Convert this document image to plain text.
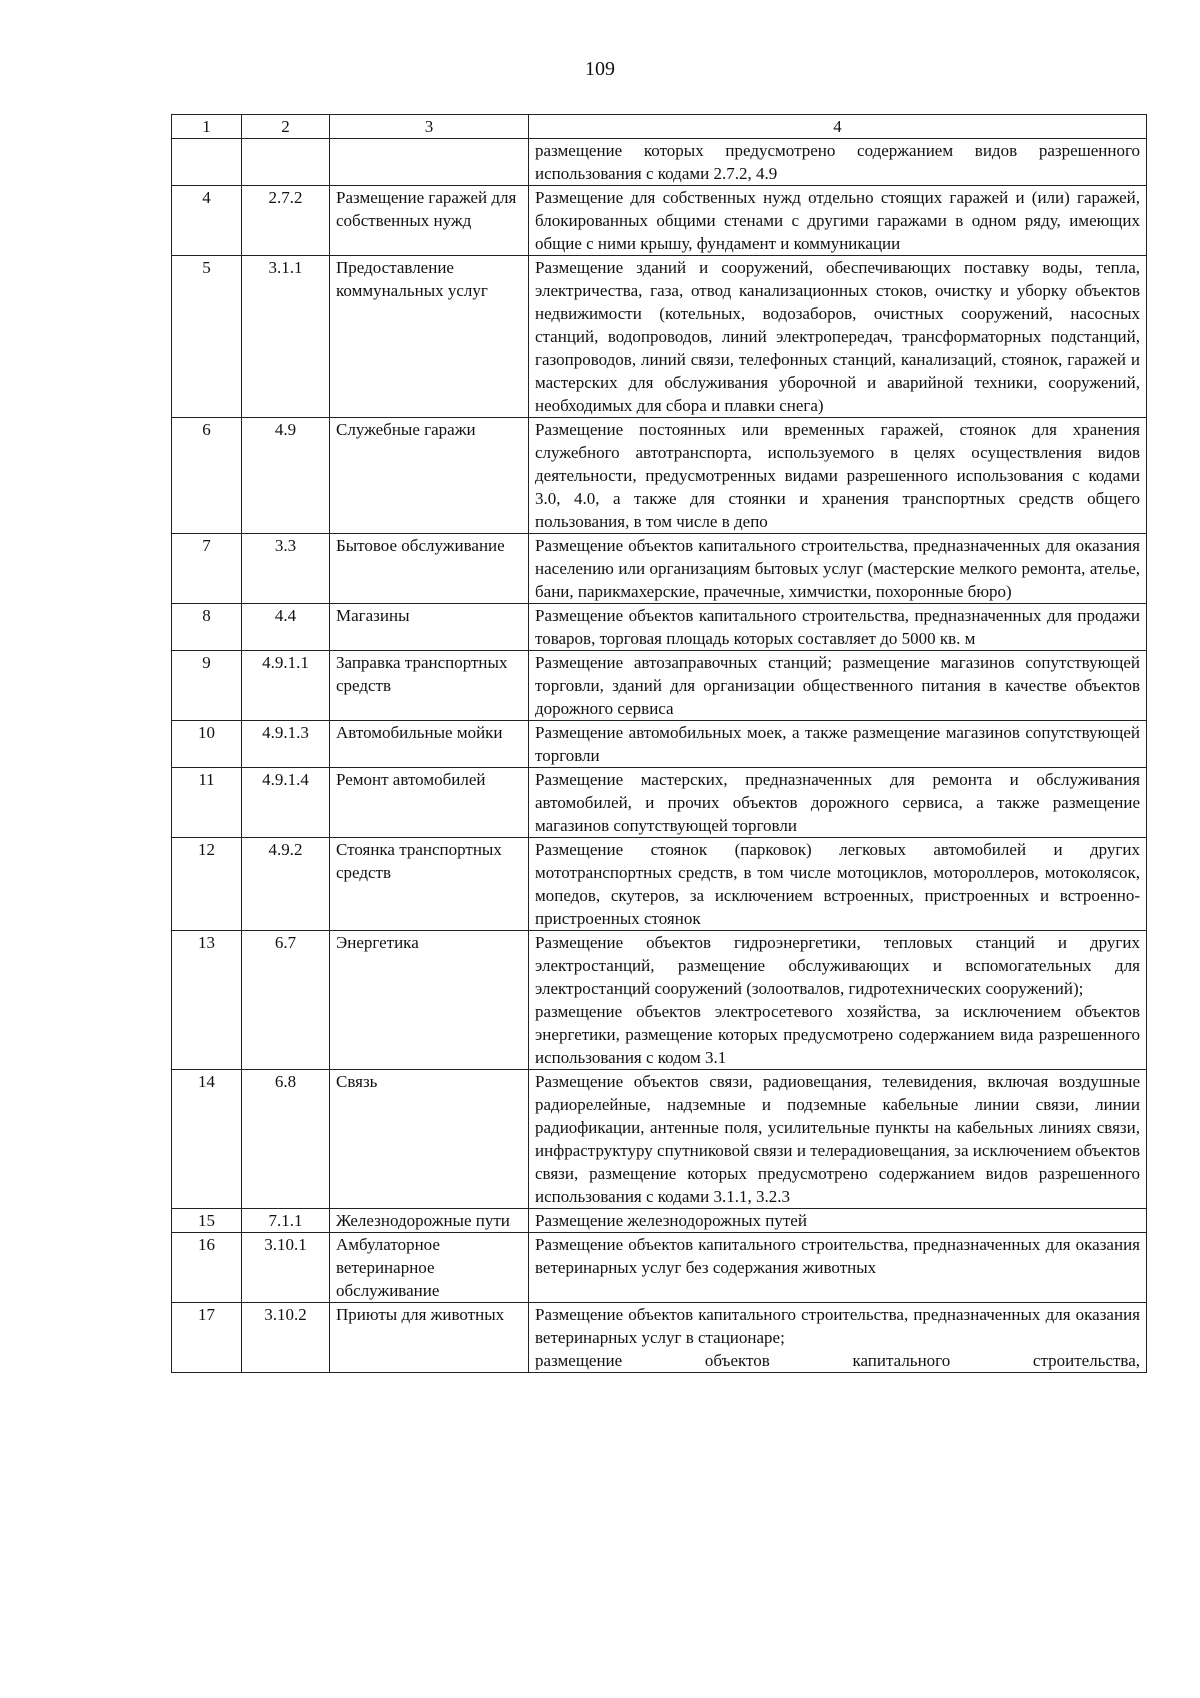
109
1	2	3	4

			размещение которых предусмотрено содержанием видов разрешенного использования с кодами 2.7.2, 4.9

4	2.7.2	Размещение гаражей для собственных нужд	Размещение для собственных нужд отдельно стоящих гаражей и (или) гаражей, блокированных общими стенами с другими гаражами в одном ряду, имеющих общие с ними крышу, фундамент и коммуникации

5	3.1.1	Предоставление коммунальных услуг	Размещение зданий и сооружений, обеспечивающих поставку воды, тепла, электричества, газа, отвод канализационных стоков, очистку и уборку объектов недвижимости (котельных, водозаборов, очистных сооружений, насосных станций, водопроводов, линий электропередач, трансформаторных подстанций, газопроводов, линий связи, телефонных станций, канализаций, стоянок, гаражей и мастерских для обслуживания уборочной и аварийной техники, сооружений, необходимых для сбора и плавки снега)

6	4.9	Служебные гаражи	Размещение постоянных или временных гаражей, стоянок для хранения служебного автотранспорта, используемого в целях осуществления видов деятельности, предусмотренных видами разрешенного использования с кодами 3.0, 4.0, а также для стоянки и хранения транспортных средств общего пользования, в том числе в депо

7	3.3	Бытовое обслуживание	Размещение объектов капитального строительства, предназначенных для оказания населению или организациям бытовых услуг (мастерские мелкого ремонта, ателье, бани, парикмахерские, прачечные, химчистки, похоронные бюро)

8	4.4	Магазины	Размещение объектов капитального строительства, предназначенных для продажи товаров, торговая площадь которых составляет до 5000 кв. м

9	4.9.1.1	Заправка транспортных средств	Размещение автозаправочных станций; размещение магазинов сопутствующей торговли, зданий для организации общественного питания в качестве объектов дорожного сервиса

10	4.9.1.3	Автомобильные мойки	Размещение автомобильных моек, а также размещение магазинов сопутствующей торговли

11	4.9.1.4	Ремонт автомобилей	Размещение мастерских, предназначенных для ремонта и обслуживания автомобилей, и прочих объектов дорожного сервиса, а также размещение магазинов сопутствующей торговли

12	4.9.2	Стоянка транспортных средств	Размещение стоянок (парковок) легковых автомобилей и других мототранспортных средств, в том числе мотоциклов, мотороллеров, мотоколясок, мопедов, скутеров, за исключением встроенных, пристроенных и встроенно-пристроенных стоянок

13	6.7	Энергетика	Размещение объектов гидроэнергетики, тепловых станций и других электростанций, размещение обслуживающих и вспомогательных для электростанций сооружений (золоотвалов, гидротехнических сооружений);
размещение объектов электросетевого хозяйства, за исключением объектов энергетики, размещение которых предусмотрено содержанием вида разрешенного использования с кодом 3.1

14	6.8	Связь	Размещение объектов связи, радиовещания, телевидения, включая воздушные радиорелейные, надземные и подземные кабельные линии связи, линии радиофикации, антенные поля, усилительные пункты на кабельных линиях связи, инфраструктуру спутниковой связи и телерадиовещания, за исключением объектов связи, размещение которых предусмотрено содержанием видов разрешенного использования с кодами 3.1.1, 3.2.3

15	7.1.1	Железнодорожные пути	Размещение железнодорожных путей

16	3.10.1	Амбулаторное ветеринарное обслуживание	Размещение объектов капитального строительства, предназначенных для оказания ветеринарных услуг без содержания животных

17	3.10.2	Приюты для животных	Размещение объектов капитального строительства, предназначенных для оказания ветеринарных услуг в стационаре;
размещение объектов капитального строительства,
